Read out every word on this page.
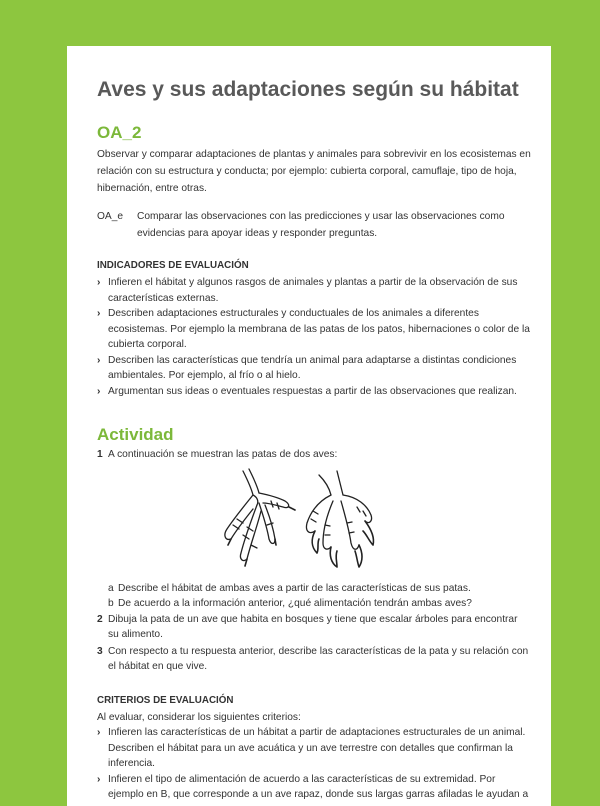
Aves y sus adaptaciones según su hábitat
OA_2

Observar y comparar adaptaciones de plantas y animales para sobrevivir en los ecosistemas en relación con su estructura y conducta; por ejemplo: cubierta corporal, camuflaje, tipo de hoja, hibernación, entre otras.

OA_e	Comparar las observaciones con las predicciones y usar las observaciones como evidencias para apoyar ideas y responder preguntas.
INDICADORES DE EVALUACIÓN
› Infieren el hábitat y algunos rasgos de animales y plantas a partir de la observación de sus características externas.
› Describen adaptaciones estructurales y conductuales de los animales a diferentes ecosistemas. Por ejemplo la membrana de las patas de los patos, hibernaciones o color de la cubierta corporal.
› Describen las características que tendría un animal para adaptarse a distintas condiciones ambientales. Por ejemplo, al frío o al hielo.
› Argumentan sus ideas o eventuales respuestas a partir de las observaciones que realizan.
Actividad
1 A continuación se muestran las patas de dos aves:
a Describe el hábitat de ambas aves a partir de las características de sus patas.
b De acuerdo a la información anterior, ¿qué alimentación tendrán ambas aves?
2 Dibuja la pata de un ave que habita en bosques y tiene que escalar árboles para encontrar su alimento.
3 Con respecto a tu respuesta anterior, describe las características de la pata y su relación con el hábitat en que vive.
CRITERIOS DE EVALUACIÓN

Al evaluar, considerar los siguientes criterios:

› Infieren las características de un hábitat a partir de adaptaciones estructurales de un animal. Describen el hábitat para un ave acuática y un ave terrestre con detalles que confirman la inferencia.
› Infieren el tipo de alimentación de acuerdo a las características de su extremidad. Por ejemplo en B, que corresponde a un ave rapaz, donde sus largas garras afiladas le ayudan a
